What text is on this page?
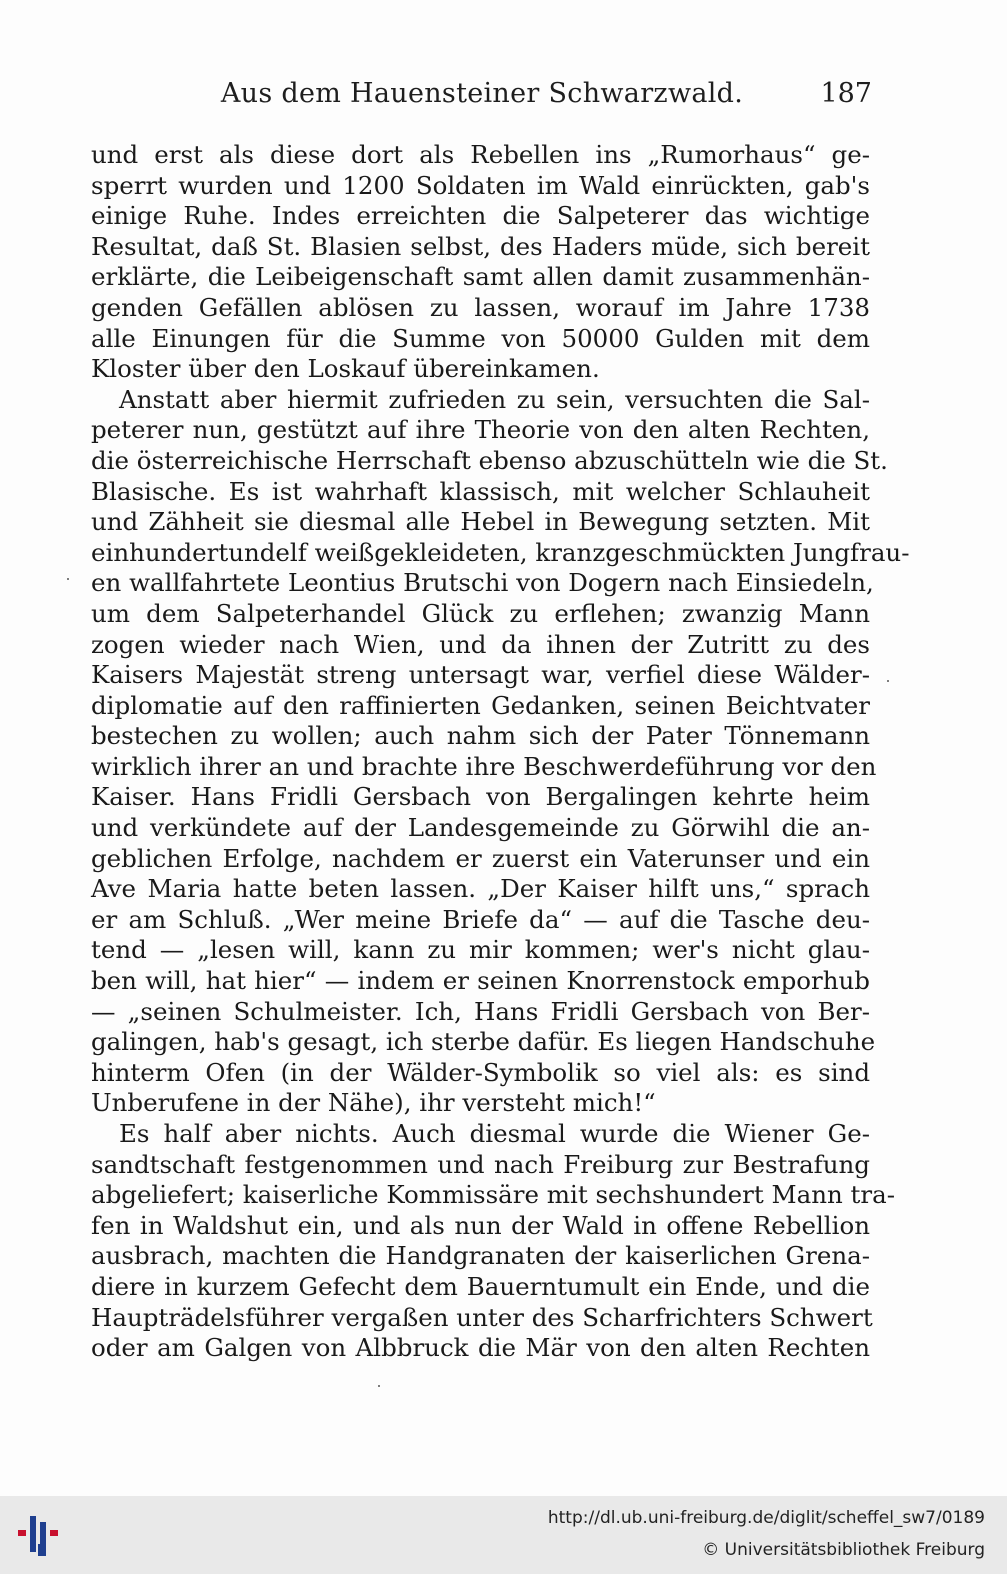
Aus dem Hauensteiner Schwarzwald.	187
und erst als diese dort als Rebellen ins „Rumorhaus“ ge-
sperrt wurden und 1200 Soldaten im Wald einrückten, gab's
einige Ruhe. Indes erreichten die Salpeterer das wichtige
Resultat, daß St. Blasien selbst, des Haders müde, sich bereit
erklärte, die Leibeigenschaft samt allen damit zusammenhän-
genden Gefällen ablösen zu lassen, worauf im Jahre 1738
alle Einungen für die Summe von 50000 Gulden mit dem
Kloster über den Loskauf übereinkamen.
Anstatt aber hiermit zufrieden zu sein, versuchten die Sal-
peterer nun, gestützt auf ihre Theorie von den alten Rechten,
die österreichische Herrschaft ebenso abzuschütteln wie die St.
Blasische. Es ist wahrhaft klassisch, mit welcher Schlauheit
und Zähheit sie diesmal alle Hebel in Bewegung setzten. Mit
einhundertundelf weißgekleideten, kranzgeschmückten Jungfrau-
en wallfahrtete Leontius Brutschi von Dogern nach Einsiedeln,
um dem Salpeterhandel Glück zu erflehen; zwanzig Mann
zogen wieder nach Wien, und da ihnen der Zutritt zu des
Kaisers Majestät streng untersagt war, verfiel diese Wälder-
diplomatie auf den raffinierten Gedanken, seinen Beichtvater
bestechen zu wollen; auch nahm sich der Pater Tönnemann
wirklich ihrer an und brachte ihre Beschwerdeführung vor den
Kaiser. Hans Fridli Gersbach von Bergalingen kehrte heim
und verkündete auf der Landesgemeinde zu Görwihl die an-
geblichen Erfolge, nachdem er zuerst ein Vaterunser und ein
Ave Maria hatte beten lassen. „Der Kaiser hilft uns,“ sprach
er am Schluß. „Wer meine Briefe da“ — auf die Tasche deu-
tend — „lesen will, kann zu mir kommen; wer's nicht glau-
ben will, hat hier“ — indem er seinen Knorrenstock emporhub
— „seinen Schulmeister. Ich, Hans Fridli Gersbach von Ber-
galingen, hab's gesagt, ich sterbe dafür. Es liegen Handschuhe
hinterm Ofen (in der Wälder-Symbolik so viel als: es sind
Unberufene in der Nähe), ihr versteht mich!“
Es half aber nichts. Auch diesmal wurde die Wiener Ge-
sandtschaft festgenommen und nach Freiburg zur Bestrafung
abgeliefert; kaiserliche Kommissäre mit sechshundert Mann tra-
fen in Waldshut ein, und als nun der Wald in offene Rebellion
ausbrach, machten die Handgranaten der kaiserlichen Grena-
diere in kurzem Gefecht dem Bauerntumult ein Ende, und die
Haupträdelsführer vergaßen unter des Scharfrichters Schwert
oder am Galgen von Albbruck die Mär von den alten Rechten
http://dl.ub.uni-freiburg.de/diglit/scheffel_sw7/0189
© Universitätsbibliothek Freiburg
